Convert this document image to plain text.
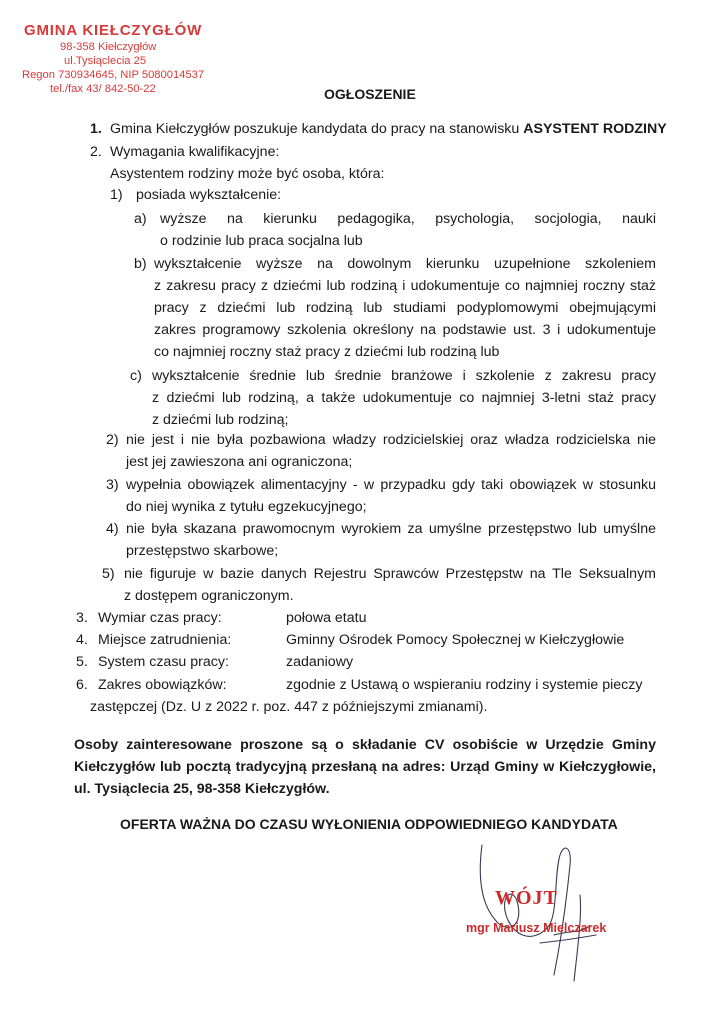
GMINA KIEŁCZYGŁÓW
98-358 Kiełczygłów
ul.Tysiąclecia 25
Regon 730934645, NIP 5080014537
tel./fax 43/ 842-50-22	OGŁOSZENIE
1. Gmina Kiełczygłów poszukuje kandydata do pracy na stanowisku ASYSTENT RODZINY
2. Wymagania kwalifikacyjne:
Asystentem rodziny może być osoba, która:
1) posiada wykształcenie:
a) wyższe na kierunku pedagogika, psychologia, socjologia, nauki
o rodzinie lub praca socjalna lub
b) wykształcenie wyższe na dowolnym kierunku uzupełnione szkoleniem
z zakresu pracy z dziećmi lub rodziną i udokumentuje co najmniej roczny staż
pracy z dziećmi lub rodziną lub studiami podyplomowymi obejmującymi
zakres programowy szkolenia określony na podstawie ust. 3 i udokumentuje
co najmniej roczny staż pracy z dziećmi lub rodziną lub
c) wykształcenie średnie lub średnie branżowe i szkolenie z zakresu pracy
z dziećmi lub rodziną, a także udokumentuje co najmniej 3-letni staż pracy
z dziećmi lub rodziną;
2) nie jest i nie była pozbawiona władzy rodzicielskiej oraz władza rodzicielska nie
jest jej zawieszona ani ograniczona;
3) wypełnia obowiązek alimentacyjny - w przypadku gdy taki obowiązek w stosunku
do niej wynika z tytułu egzekucyjnego;
4) nie była skazana prawomocnym wyrokiem za umyślne przestępstwo lub umyślne
przestępstwo skarbowe;
5) nie figuruje w bazie danych Rejestru Sprawców Przestępstw na Tle Seksualnym
z dostępem ograniczonym.
3. Wymiar czas pracy:	połowa etatu
4. Miejsce zatrudnienia:	Gminny Ośrodek Pomocy Społecznej w Kiełczygłowie
5. System czasu pracy:	zadaniowy
6. Zakres obowiązków:	zgodnie z Ustawą o wspieraniu rodziny i systemie pieczy
zastępczej (Dz. U z 2022 r. poz. 447 z późniejszymi zmianami).
Osoby zainteresowane proszone są o składanie CV osobiście w Urzędzie Gminy
Kiełczygłów lub pocztą tradycyjną przesłaną na adres: Urząd Gminy w Kiełczygłowie,
ul. Tysiąclecia 25, 98-358 Kiełczygłów.
OFERTA WAŻNA DO CZASU WYŁONIENIA ODPOWIEDNIEGO KANDYDATA
WÓJT
mgr Mariusz Mielczarek
